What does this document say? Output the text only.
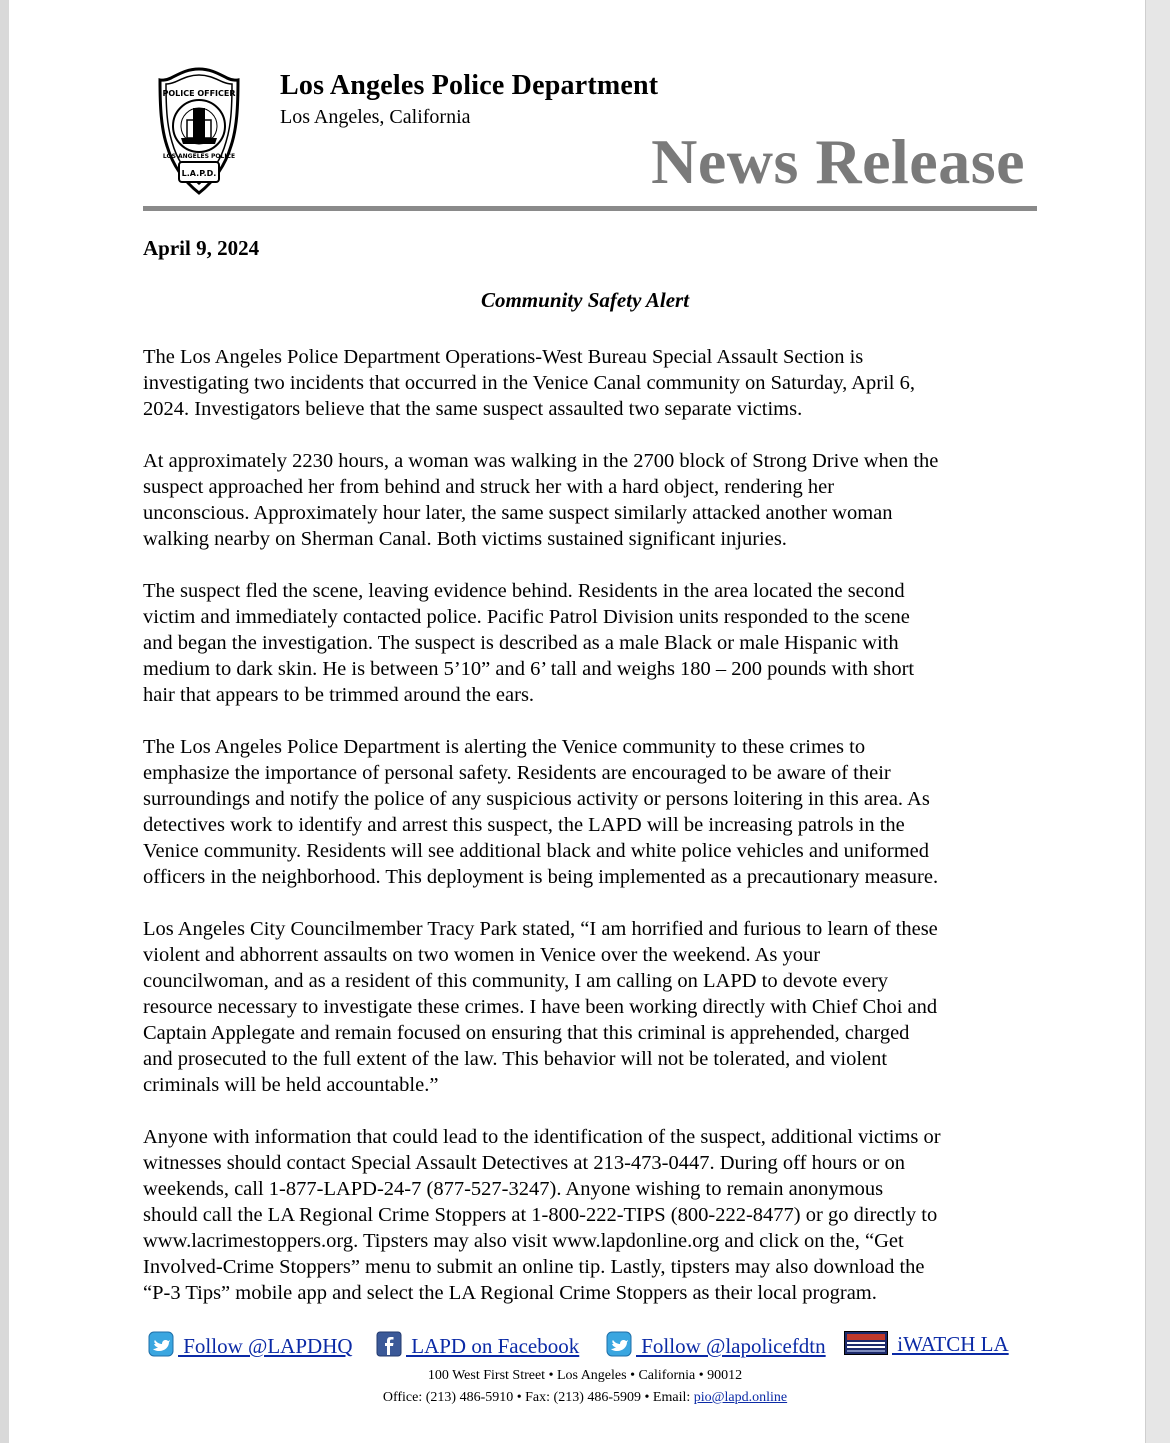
POLICE OFFICER
LOS ANGELES POLICE
L.A.P.D.
Los Angeles Police Department
Los Angeles, California
News Release
April 9, 2024
Community Safety Alert

The Los Angeles Police Department Operations-West Bureau Special Assault Section is
investigating two incidents that occurred in the Venice Canal community on Saturday, April 6,
2024. Investigators believe that the same suspect assaulted two separate victims.

At approximately 2230 hours, a woman was walking in the 2700 block of Strong Drive when the
suspect approached her from behind and struck her with a hard object, rendering her
unconscious. Approximately hour later, the same suspect similarly attacked another woman
walking nearby on Sherman Canal. Both victims sustained significant injuries.

The suspect fled the scene, leaving evidence behind. Residents in the area located the second
victim and immediately contacted police. Pacific Patrol Division units responded to the scene
and began the investigation. The suspect is described as a male Black or male Hispanic with
medium to dark skin. He is between 5’10” and 6’ tall and weighs 180 – 200 pounds with short
hair that appears to be trimmed around the ears.

The Los Angeles Police Department is alerting the Venice community to these crimes to
emphasize the importance of personal safety. Residents are encouraged to be aware of their
surroundings and notify the police of any suspicious activity or persons loitering in this area. As
detectives work to identify and arrest this suspect, the LAPD will be increasing patrols in the
Venice community. Residents will see additional black and white police vehicles and uniformed
officers in the neighborhood. This deployment is being implemented as a precautionary measure.

Los Angeles City Councilmember Tracy Park stated, “I am horrified and furious to learn of these
violent and abhorrent assaults on two women in Venice over the weekend. As your
councilwoman, and as a resident of this community, I am calling on LAPD to devote every
resource necessary to investigate these crimes. I have been working directly with Chief Choi and
Captain Applegate and remain focused on ensuring that this criminal is apprehended, charged
and prosecuted to the full extent of the law. This behavior will not be tolerated, and violent
criminals will be held accountable.”

Anyone with information that could lead to the identification of the suspect, additional victims or
witnesses should contact Special Assault Detectives at 213-473-0447. During off hours or on
weekends, call 1-877-LAPD-24-7 (877-527-3247). Anyone wishing to remain anonymous
should call the LA Regional Crime Stoppers at 1-800-222-TIPS (800-222-8477) or go directly to
www.lacrimestoppers.org. Tipsters may also visit www.lapdonline.org and click on the, “Get
Involved-Crime Stoppers” menu to submit an online tip. Lastly, tipsters may also download the
“P-3 Tips” mobile app and select the LA Regional Crime Stoppers as their local program.

Follow @LAPDHQ	LAPD on Facebook	Follow @lapolicefdtn	iWATCH LA
100 West First Street • Los Angeles • California • 90012
Office: (213) 486-5910 • Fax: (213) 486-5909 • Email: pio@lapd.online
